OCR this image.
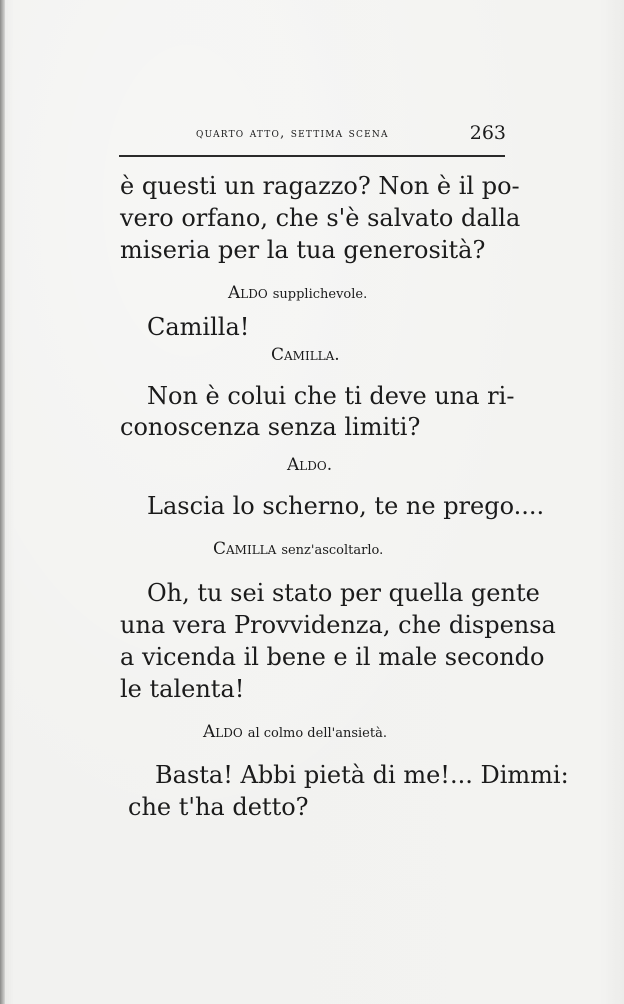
quarto atto, settima scena	263
è questi un ragazzo? Non è il po-
vero orfano, che s'è salvato dalla
miseria per la tua generosità?
Aldo supplichevole.
Camilla!
Camilla.
Non è colui che ti deve una ri-
conoscenza senza limiti?
Aldo.
Lascia lo scherno, te ne prego....
Camilla senz'ascoltarlo.
Oh, tu sei stato per quella gente
una vera Provvidenza, che dispensa
a vicenda il bene e il male secondo
le talenta!
Aldo al colmo dell'ansietà.
Basta! Abbi pietà di me!... Dimmi:
che t'ha detto?
